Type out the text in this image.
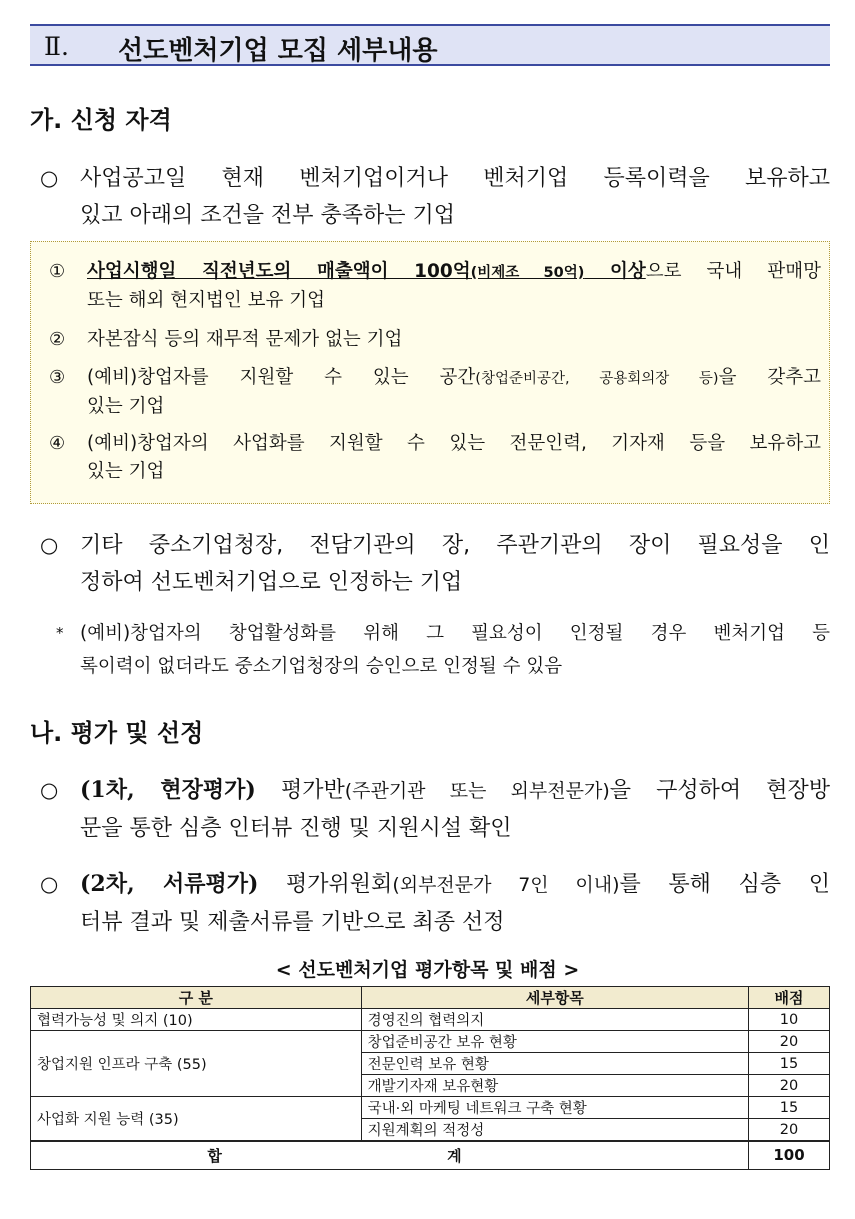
Ⅱ. 선도벤처기업 모집 세부내용
가. 신청 자격
○ 사업공고일 현재 벤처기업이거나 벤처기업 등록이력을 보유하고
있고 아래의 조건을 전부 충족하는 기업
① 사업시행일 직전년도의 매출액이 100억(비제조 50억) 이상으로 국내 판매망
또는 해외 현지법인 보유 기업
② 자본잠식 등의 재무적 문제가 없는 기업
③ (예비)창업자를 지원할 수 있는 공간(창업준비공간, 공용회의장 등)을 갖추고
있는 기업
④ (예비)창업자의 사업화를 지원할 수 있는 전문인력, 기자재 등을 보유하고
있는 기업
○ 기타 중소기업청장, 전담기관의 장, 주관기관의 장이 필요성을 인
정하여 선도벤처기업으로 인정하는 기업
* (예비)창업자의 창업활성화를 위해 그 필요성이 인정될 경우 벤처기업 등
록이력이 없더라도 중소기업청장의 승인으로 인정될 수 있음
나. 평가 및 선정
○ (1차, 현장평가) 평가반(주관기관 또는 외부전문가)을 구성하여 현장방
문을 통한 심층 인터뷰 진행 및 지원시설 확인
○ (2차, 서류평가) 평가위원회(외부전문가 7인 이내)를 통해 심층 인
터뷰 결과 및 제출서류를 기반으로 최종 선정
< 선도벤처기업 평가항목 및 배점 >
구 분	세부항목	배점
협력가능성 및 의지 (10)	경영진의 협력의지	10
창업지원 인프라 구축 (55)	창업준비공간 보유 현황	20
	전문인력 보유 현황	15
	개발기자재 보유현황	20
사업화 지원 능력 (35)	국내·외 마케팅 네트워크 구축 현황	15
	지원계획의 적정성	20
합 계		100
